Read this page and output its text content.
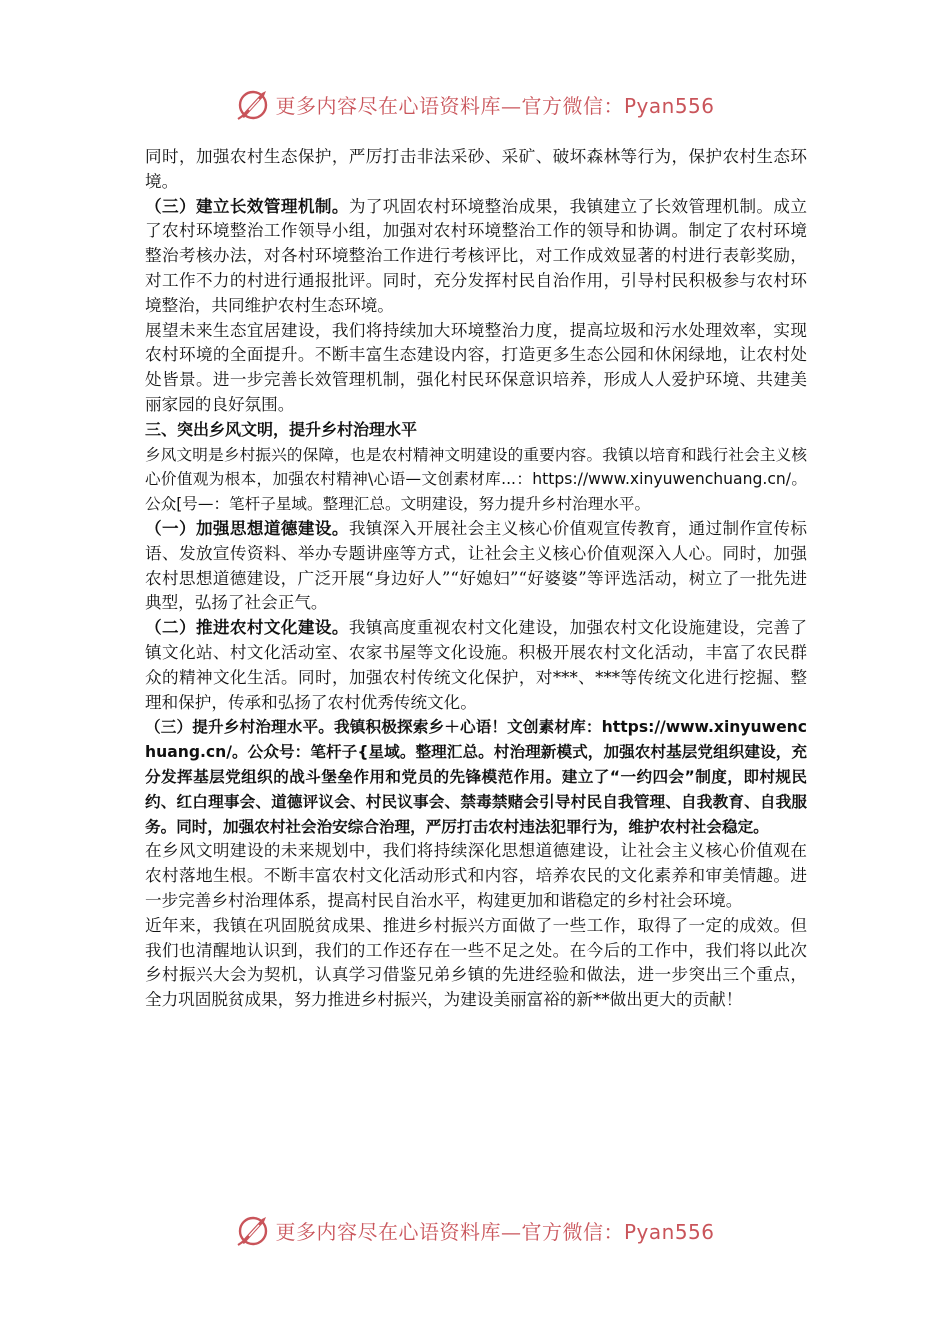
更多内容尽在心语资料库—官方微信：Pyan556

同时，加强农村生态保护，严厉打击非法采砂、采矿、破坏森林等行为，保护农村生态环境。

（三）建立长效管理机制。为了巩固农村环境整治成果，我镇建立了长效管理机制。成立了农村环境整治工作领导小组，加强对农村环境整治工作的领导和协调。制定了农村环境整治考核办法，对各村环境整治工作进行考核评比，对工作成效显著的村进行表彰奖励，对工作不力的村进行通报批评。同时，充分发挥村民自治作用，引导村民积极参与农村环境整治，共同维护农村生态环境。

展望未来生态宜居建设，我们将持续加大环境整治力度，提高垃圾和污水处理效率，实现农村环境的全面提升。不断丰富生态建设内容，打造更多生态公园和休闲绿地，让农村处处皆景。进一步完善长效管理机制，强化村民环保意识培养，形成人人爱护环境、共建美丽家园的良好氛围。

三、突出乡风文明，提升乡村治理水平

乡风文明是乡村振兴的保障，也是农村精神文明建设的重要内容。我镇以培育和践行社会主义核心价值观为根本，加强农村精神\心语—文创素材库...：https://www.xinyuwenchuang.cn/。公众[号—：笔杆子星域。整理汇总。文明建设，努力提升乡村治理水平。

（一）加强思想道德建设。我镇深入开展社会主义核心价值观宣传教育，通过制作宣传标语、发放宣传资料、举办专题讲座等方式，让社会主义核心价值观深入人心。同时，加强农村思想道德建设，广泛开展“身边好人”“好媳妇”“好婆婆”等评选活动，树立了一批先进典型，弘扬了社会正气。

（二）推进农村文化建设。我镇高度重视农村文化建设，加强农村文化设施建设，完善了镇文化站、村文化活动室、农家书屋等文化设施。积极开展农村文化活动，丰富了农民群众的精神文化生活。同时，加强农村传统文化保护，对***、***等传统文化进行挖掘、整理和保护，传承和弘扬了农村优秀传统文化。

（三）提升乡村治理水平。我镇积极探索乡＋心语！文创素材库：https://www.xinyuwenchuang.cn/。公众号：笔杆子{星域。整理汇总。村治理新模式，加强农村基层党组织建设，充分发挥基层党组织的战斗堡垒作用和党员的先锋模范作用。建立了“一约四会”制度，即村规民约、红白理事会、道德评议会、村民议事会、禁毒禁赌会引导村民自我管理、自我教育、自我服务。同时，加强农村社会治安综合治理，严厉打击农村违法犯罪行为，维护农村社会稳定。

在乡风文明建设的未来规划中，我们将持续深化思想道德建设，让社会主义核心价值观在农村落地生根。不断丰富农村文化活动形式和内容，培养农民的文化素养和审美情趣。进一步完善乡村治理体系，提高村民自治水平，构建更加和谐稳定的乡村社会环境。

近年来，我镇在巩固脱贫成果、推进乡村振兴方面做了一些工作，取得了一定的成效。但我们也清醒地认识到，我们的工作还存在一些不足之处。在今后的工作中，我们将以此次乡村振兴大会为契机，认真学习借鉴兄弟乡镇的先进经验和做法，进一步突出三个重点，全力巩固脱贫成果，努力推进乡村振兴，为建设美丽富裕的新**做出更大的贡献！

更多内容尽在心语资料库—官方微信：Pyan556
